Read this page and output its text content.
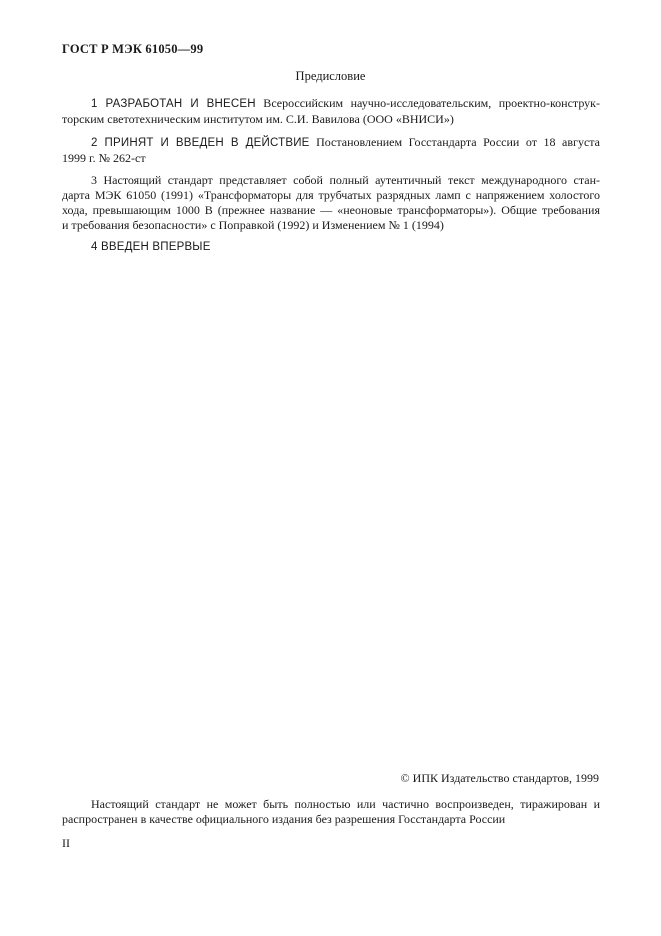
ГОСТ Р МЭК 61050—99
Предисловие
1 РАЗРАБОТАН И ВНЕСЕН Всероссийским научно-исследовательским, проектно-конструк-
торским светотехническим институтом им. С.И. Вавилова (ООО «ВНИСИ»)
2 ПРИНЯТ И ВВЕДЕН В ДЕЙСТВИЕ Постановлением Госстандарта России от 18 августа
1999 г. № 262-ст
3 Настоящий стандарт представляет собой полный аутентичный текст международного стан-
дарта МЭК 61050 (1991) «Трансформаторы для трубчатых разрядных ламп с напряжением холостого
хода, превышающим 1000 В (прежнее название — «неоновые трансформаторы»). Общие требования
и требования безопасности» с Поправкой (1992) и Изменением № 1 (1994)
4 ВВЕДЕН ВПЕРВЫЕ
© ИПК Издательство стандартов, 1999
Настоящий стандарт не может быть полностью или частично воспроизведен, тиражирован и
распространен в качестве официального издания без разрешения Госстандарта России
II
